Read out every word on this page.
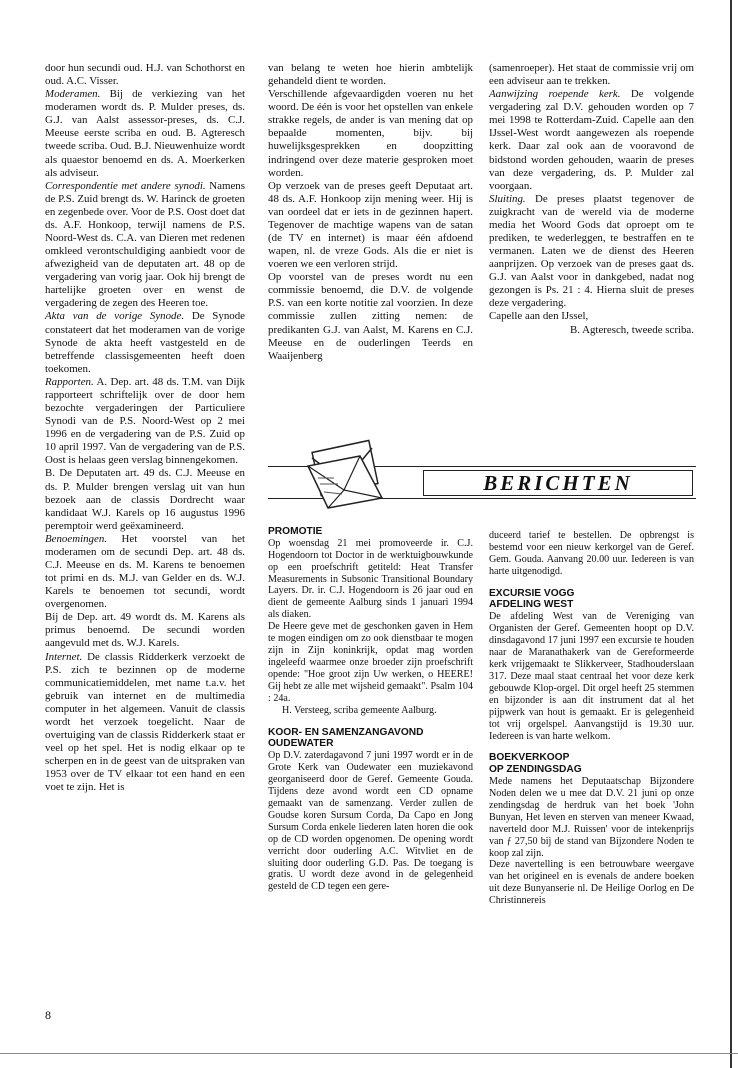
door hun secundi oud. H.J. van Schothorst en oud. A.C. Visser.

Moderamen. Bij de verkiezing van het moderamen wordt ds. P. Mulder preses, ds. G.J. van Aalst assessor-preses, ds. C.J. Meeuse eerste scriba en oud. B. Agteresch tweede scriba. Oud. B.J. Nieuwenhuize wordt als quaestor benoemd en ds. A. Moerkerken als adviseur.

Correspondentie met andere synodi. Namens de P.S. Zuid brengt ds. W. Harinck de groeten en zegenbede over. Voor de P.S. Oost doet dat ds. A.F. Honkoop, terwijl namens de P.S. Noord-West ds. C.A. van Dieren met redenen omkleed verontschuldiging aanbiedt voor de afwezigheid van de deputaten art. 48 op de vergadering van vorig jaar. Ook hij brengt de hartelijke groeten over en wenst de vergadering de zegen des Heeren toe.

Akta van de vorige Synode. De Synode constateert dat het moderamen van de vorige Synode de akta heeft vastgesteld en de betreffende classisgemeenten heeft doen toekomen.

Rapporten. A. Dep. art. 48 ds. T.M. van Dijk rapporteert schriftelijk over de door hem bezochte vergaderingen der Particuliere Synodi van de P.S. Noord-West op 2 mei 1996 en de vergadering van de P.S. Zuid op 10 april 1997. Van de vergadering van de P.S. Oost is helaas geen verslag binnengekomen.

B. De Deputaten art. 49 ds. C.J. Meeuse en ds. P. Mulder brengen verslag uit van hun bezoek aan de classis Dordrecht waar kandidaat W.J. Karels op 16 augustus 1996 peremptoir werd geëxamineerd.

Benoemingen. Het voorstel van het moderamen om de secundi Dep. art. 48 ds. C.J. Meeuse en ds. M. Karens te benoemen tot primi en ds. M.J. van Gelder en ds. W.J. Karels te benoemen tot secundi, wordt overgenomen.

Bij de Dep. art. 49 wordt ds. M. Karens als primus benoemd. De secundi worden aangevuld met ds. W.J. Karels.

Internet. De classis Ridderkerk verzoekt de P.S. zich te bezinnen op de moderne communicatiemiddelen, met name t.a.v. het gebruik van internet en de multimedia computer in het algemeen. Vanuit de classis wordt het verzoek toegelicht. Naar de overtuiging van de classis Ridderkerk staat er veel op het spel. Het is nodig elkaar op te scherpen en in de geest van de uitspraken van 1953 over de TV elkaar tot een hand en een voet te zijn. Het is

van belang te weten hoe hierin ambtelijk gehandeld dient te worden.

Verschillende afgevaardigden voeren nu het woord. De één is voor het opstellen van enkele strakke regels, de ander is van mening dat op bepaalde momenten, bijv. bij huwelijksgesprekken en doopzitting indringend over deze materie gesproken moet worden.

Op verzoek van de preses geeft Deputaat art. 48 ds. A.F. Honkoop zijn mening weer. Hij is van oordeel dat er iets in de gezinnen hapert. Tegenover de machtige wapens van de satan (de TV en internet) is maar één afdoend wapen, nl. de vreze Gods. Als die er niet is voeren we een verloren strijd.

Op voorstel van de preses wordt nu een commissie benoemd, die D.V. de volgende P.S. van een korte notitie zal voorzien. In deze commissie zullen zitting nemen: de predikanten G.J. van Aalst, M. Karens en C.J. Meeuse en de ouderlingen Teerds en Waaijenberg

(samenroeper). Het staat de commissie vrij om een adviseur aan te trekken.

Aanwijzing roepende kerk. De volgende vergadering zal D.V. gehouden worden op 7 mei 1998 te Rotterdam-Zuid. Capelle aan den IJssel-West wordt aangewezen als roepende kerk. Daar zal ook aan de vooravond de bidstond worden gehouden, waarin de preses van deze vergadering, ds. P. Mulder zal voorgaan.

Sluiting. De preses plaatst tegenover de zuigkracht van de wereld via de moderne media het Woord Gods dat oproept om te prediken, te wederleggen, te bestraffen en te vermanen. Laten we de dienst des Heeren aanprijzen. Op verzoek van de preses gaat ds. G.J. van Aalst voor in dankgebed, nadat nog gezongen is Ps. 21 : 4. Hierna sluit de preses deze vergadering.

Capelle aan den IJssel,

B. Agteresch, tweede scriba.

BERICHTEN

PROMOTIE

Op woensdag 21 mei promoveerde ir. C.J. Hogendoorn tot Doctor in de werktuigbouwkunde op een proefschrift getiteld: Heat Transfer Measurements in Subsonic Transitional Boundary Layers. Dr. ir. C.J. Hogendoorn is 26 jaar oud en dient de gemeente Aalburg sinds 1 januari 1994 als diaken.

De Heere geve met de geschonken gaven in Hem te mogen eindigen om zo ook dienstbaar te mogen zijn in Zijn koninkrijk, opdat mag worden ingeleefd waarmee onze broeder zijn proefschrift opende: "Hoe groot zijn Uw werken, o HEERE! Gij hebt ze alle met wijsheid gemaakt". Psalm 104 : 24a.

H. Versteeg, scriba gemeente Aalburg.

KOOR- EN SAMENZANGAVOND

OUDEWATER

Op D.V. zaterdagavond 7 juni 1997 wordt er in de Grote Kerk van Oudewater een muziekavond georganiseerd door de Geref. Gemeente Gouda. Tijdens deze avond wordt een CD opname gemaakt van de samenzang. Verder zullen de Goudse koren Sursum Corda, Da Capo en Jong Sursum Corda enkele liederen laten horen die ook op de CD worden opgenomen. De opening wordt verricht door ouderling A.C. Witvliet en de sluiting door ouderling G.D. Pas. De toegang is gratis. U wordt deze avond in de gelegenheid gesteld de CD tegen een gere-

duceerd tarief te bestellen. De opbrengst is bestemd voor een nieuw kerkorgel van de Geref. Gem. Gouda. Aanvang 20.00 uur. Iedereen is van harte uitgenodigd.

EXCURSIE VOGG

AFDELING WEST

De afdeling West van de Vereniging van Organisten der Geref. Gemeenten hoopt op D.V. dinsdagavond 17 juni 1997 een excursie te houden naar de Maranathakerk van de Gereformeerde kerk vrijgemaakt te Slikkerveer, Stadhouderslaan 317. Deze maal staat centraal het voor deze kerk gebouwde Klop-orgel. Dit orgel heeft 25 stemmen en bijzonder is aan dit instrument dat al het pijpwerk van hout is gemaakt. Er is gelegenheid tot vrij orgelspel. Aanvangstijd is 19.30 uur. Iedereen is van harte welkom.

BOEKVERKOOP

OP ZENDINGSDAG

Mede namens het Deputaatschap Bijzondere Noden delen we u mee dat D.V. 21 juni op onze zendingsdag de herdruk van het boek 'John Bunyan, Het leven en sterven van meneer Kwaad, naverteld door M.J. Ruissen' voor de intekenprijs van ƒ 27,50 bij de stand van Bijzondere Noden te koop zal zijn.

Deze navertelling is een betrouwbare weergave van het origineel en is evenals de andere boeken uit deze Bunyanserie nl. De Heilige Oorlog en De Christinnereis

8
